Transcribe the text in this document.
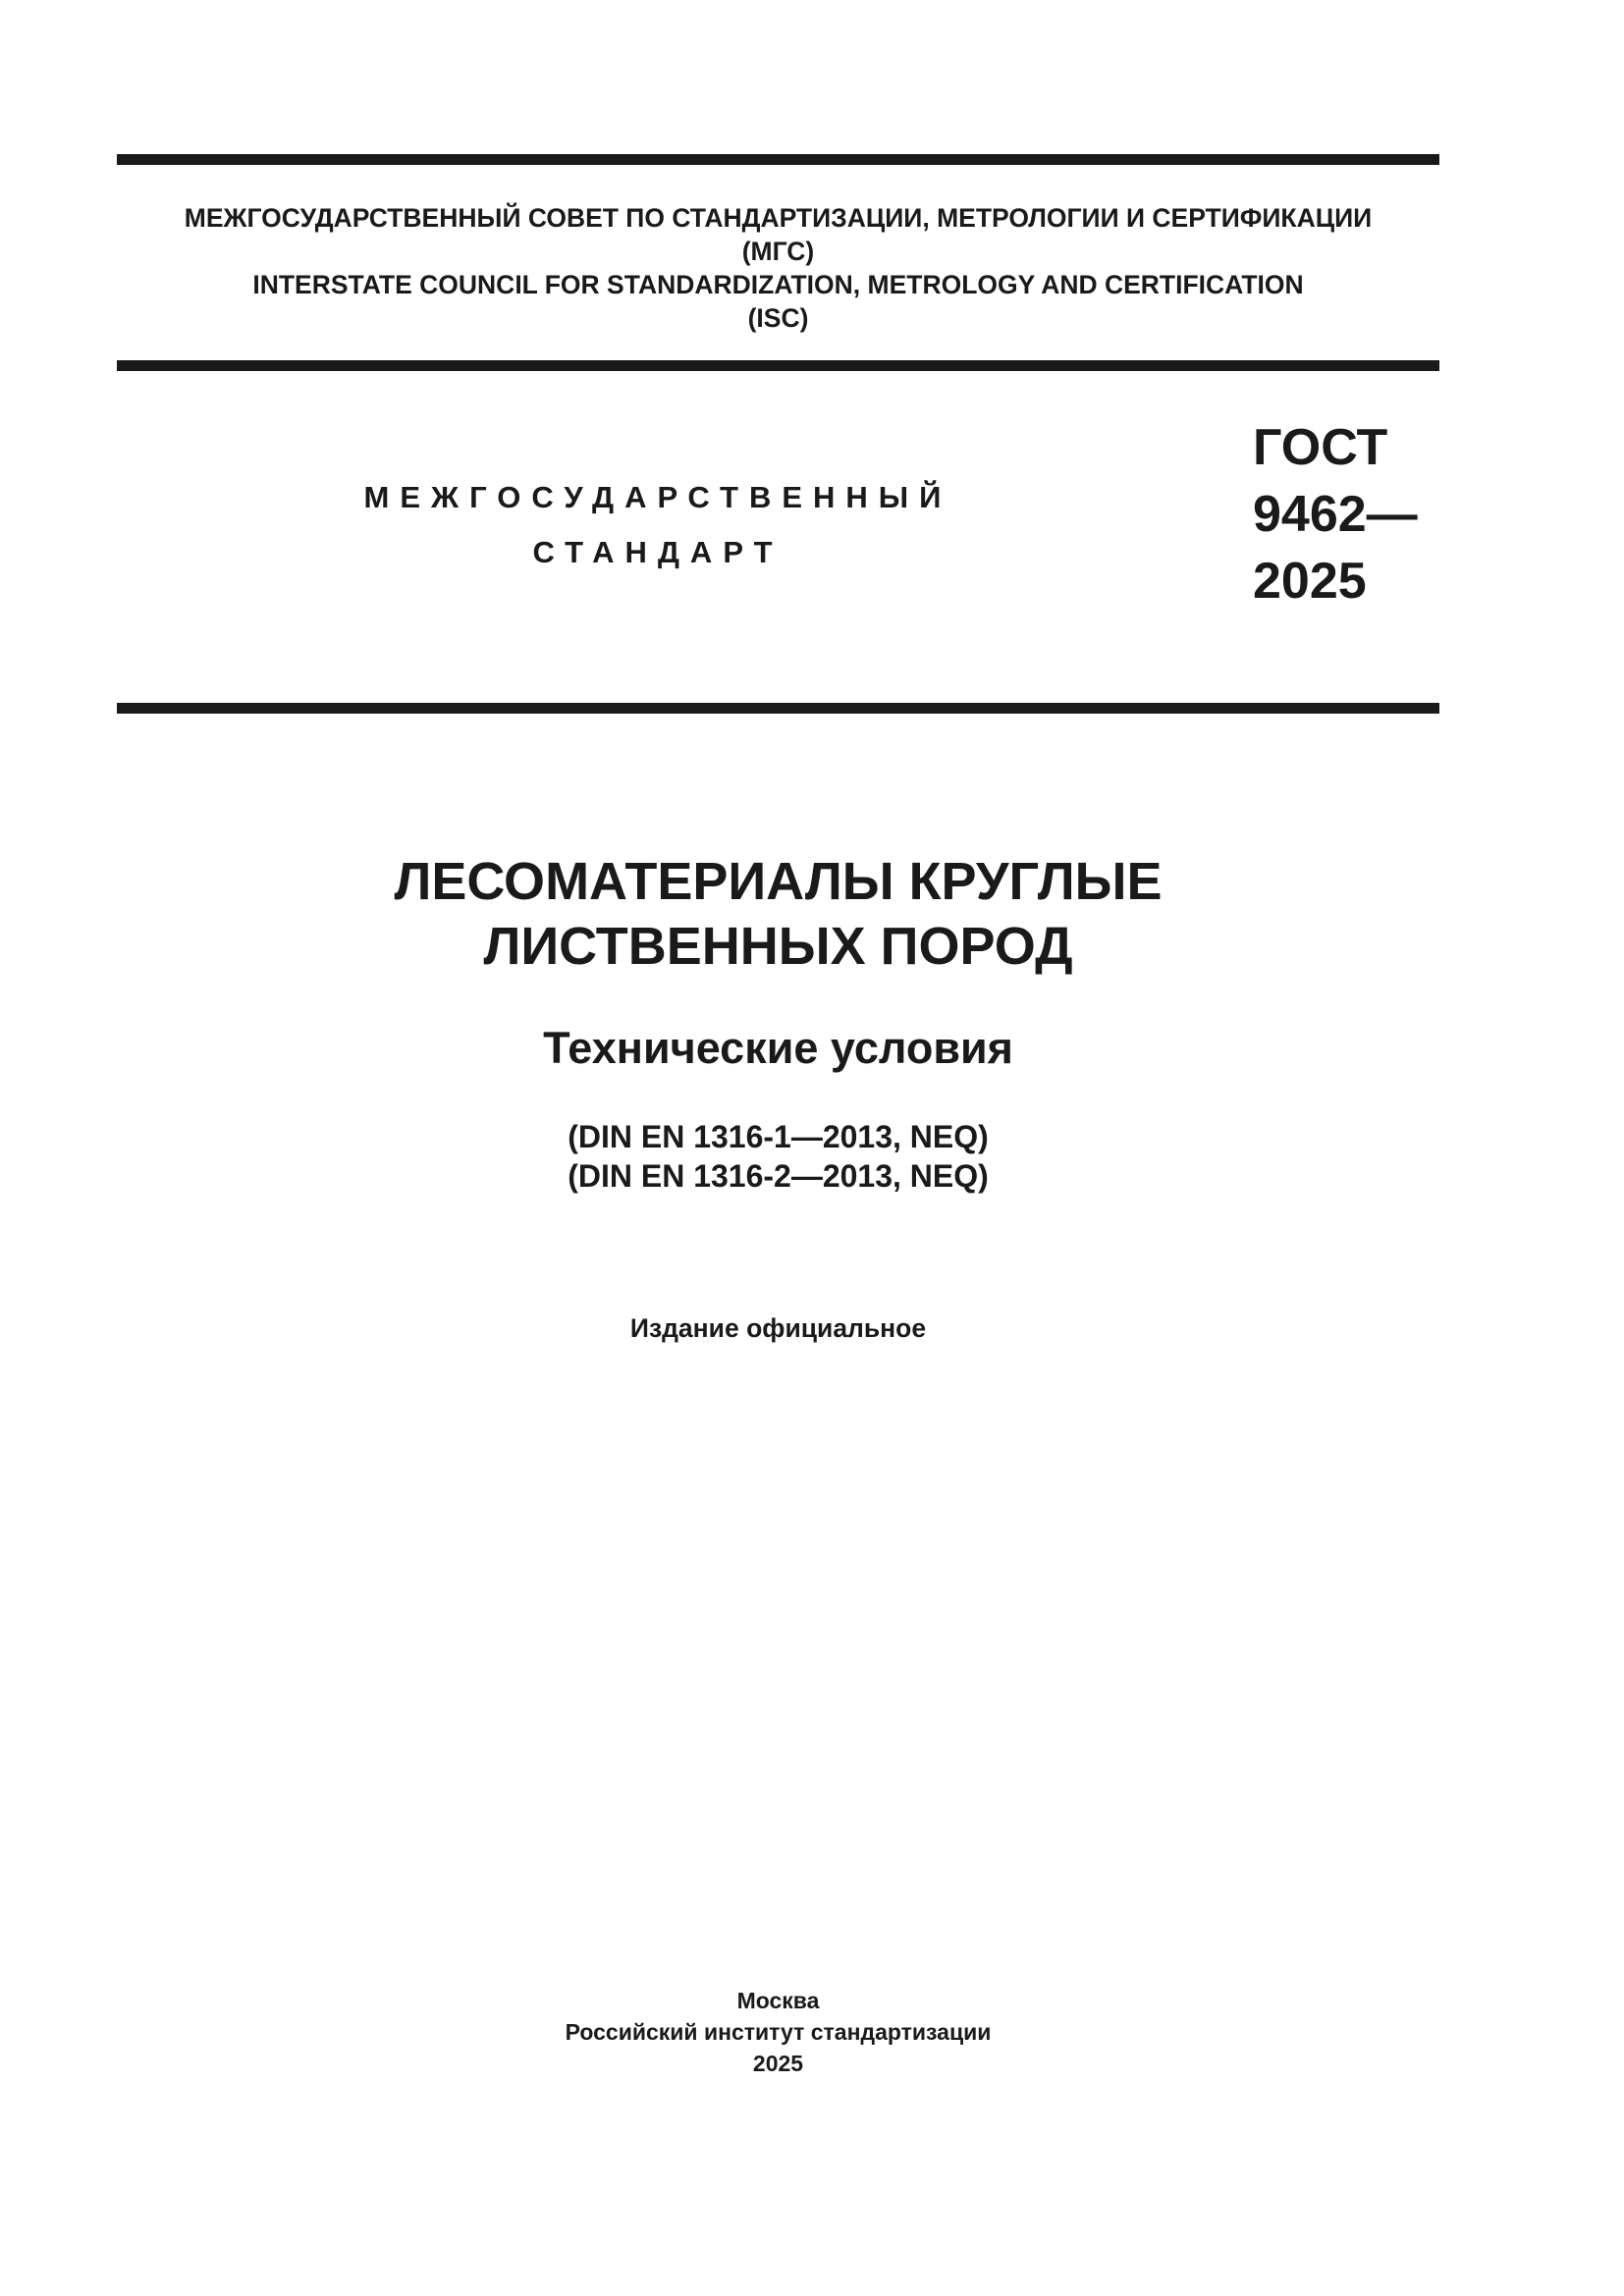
МЕЖГОСУДАРСТВЕННЫЙ СОВЕТ ПО СТАНДАРТИЗАЦИИ, МЕТРОЛОГИИ И СЕРТИФИКАЦИИ
(МГС)
INTERSTATE COUNCIL FOR STANDARDIZATION, METROLOGY AND CERTIFICATION
(ISC)
МЕЖГОСУДАРСТВЕННЫЙ
СТАНДАРТ
ГОСТ
9462—
2025
ЛЕСОМАТЕРИАЛЫ КРУГЛЫЕ
ЛИСТВЕННЫХ ПОРОД
Технические условия
(DIN EN 1316-1—2013, NEQ)
(DIN EN 1316-2—2013, NEQ)
Издание официальное
Москва
Российский институт стандартизации
2025
